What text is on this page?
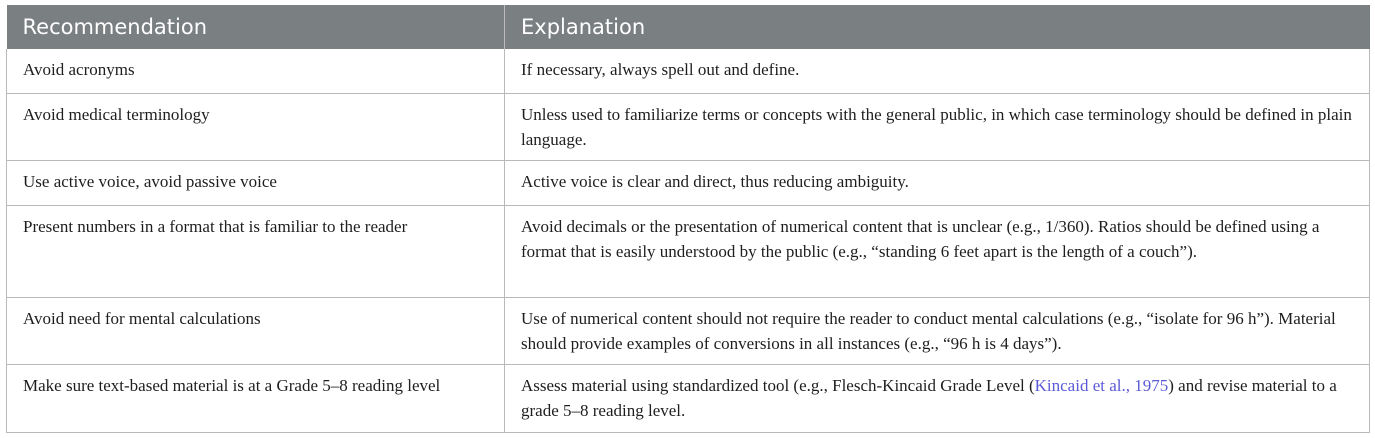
Recommendation	Explanation
Avoid acronyms	If necessary, always spell out and define.
Avoid medical terminology	Unless used to familiarize terms or concepts with the general public, in which case terminology should be defined in plain language.
Use active voice, avoid passive voice	Active voice is clear and direct, thus reducing ambiguity.
Present numbers in a format that is familiar to the reader	Avoid decimals or the presentation of numerical content that is unclear (e.g., 1/360). Ratios should be defined using a format that is easily understood by the public (e.g., “standing 6 feet apart is the length of a couch”).
Avoid need for mental calculations	Use of numerical content should not require the reader to conduct mental calculations (e.g., “isolate for 96 h”). Material should provide examples of conversions in all instances (e.g., “96 h is 4 days”).
Make sure text-based material is at a Grade 5–8 reading level	Assess material using standardized tool (e.g., Flesch-Kincaid Grade Level (Kincaid et al., 1975) and revise material to a grade 5–8 reading level.
